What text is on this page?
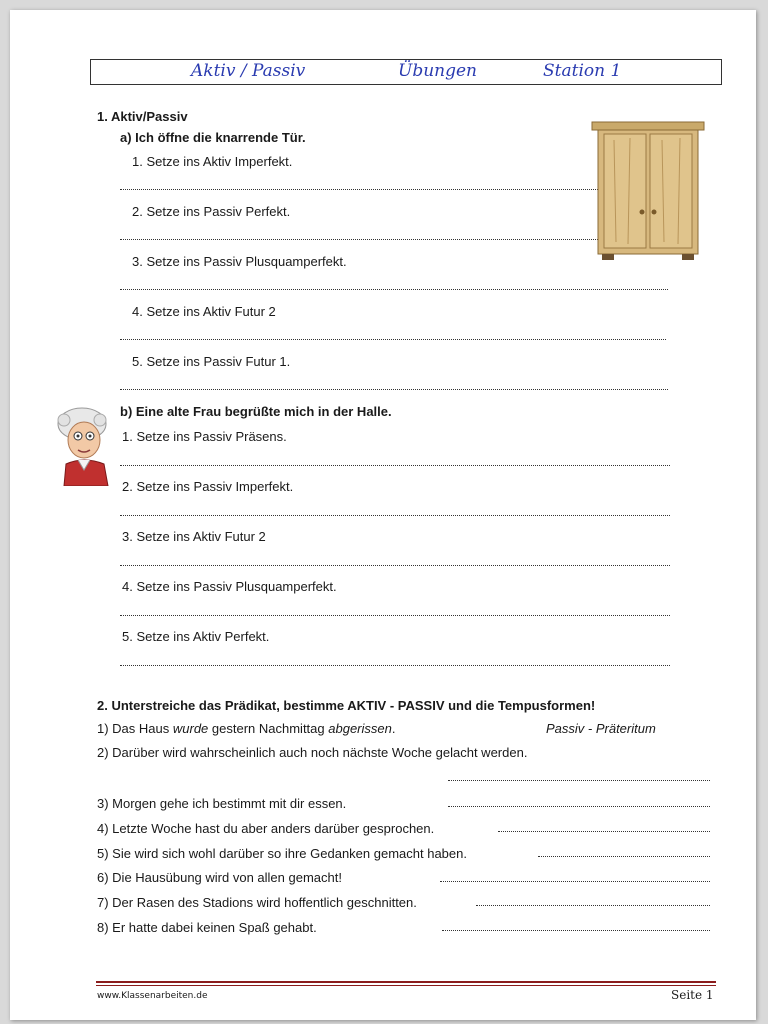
Aktiv / Passiv	Übungen	Station 1
1. Aktiv/Passiv
a) Ich öffne die knarrende Tür.
1. Setze ins Aktiv Imperfekt.
2. Setze ins Passiv Perfekt.
3. Setze ins Passiv Plusquamperfekt.
4. Setze ins Aktiv Futur 2
5. Setze ins Passiv Futur 1.
b) Eine alte Frau begrüßte mich in der Halle.
1. Setze ins Passiv Präsens.
2. Setze ins Passiv Imperfekt.
3. Setze ins Aktiv Futur 2
4. Setze ins Passiv Plusquamperfekt.
5. Setze ins Aktiv Perfekt.
2. Unterstreiche das Prädikat, bestimme AKTIV - PASSIV und die Tempusformen!
1) Das Haus wurde gestern Nachmittag abgerissen.	Passiv - Präteritum
2) Darüber wird wahrscheinlich auch noch nächste Woche gelacht werden.
3) Morgen gehe ich bestimmt mit dir essen.
4) Letzte Woche hast du aber anders darüber gesprochen.
5) Sie wird sich wohl darüber so ihre Gedanken gemacht haben.
6) Die Hausübung wird von allen gemacht!
7) Der Rasen des Stadions wird hoffentlich geschnitten.
8) Er hatte dabei keinen Spaß gehabt.
www.Klassenarbeiten.de	Seite 1
